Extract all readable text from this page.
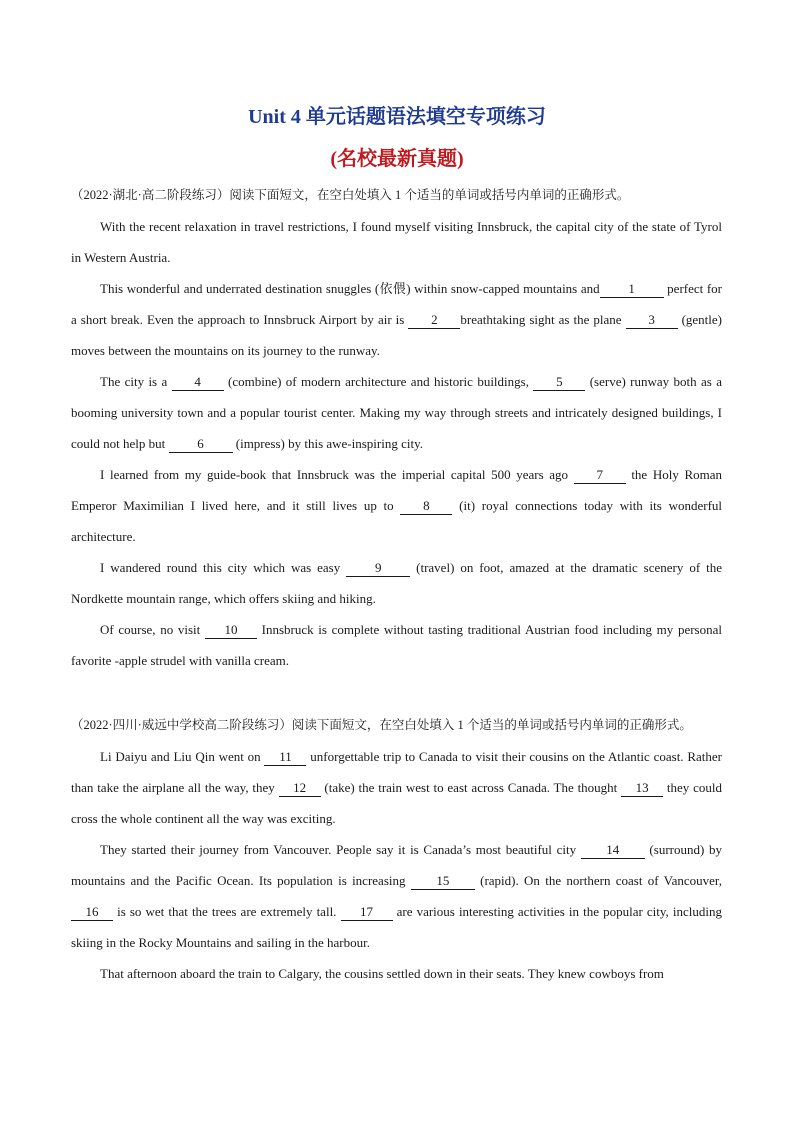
Unit 4 单元话题语法填空专项练习
(名校最新真题)

（2022·湖北·高二阶段练习）阅读下面短文，在空白处填入 1 个适当的单词或括号内单词的正确形式。

With the recent relaxation in travel restrictions, I found myself visiting Innsbruck, the capital city of the state of Tyrol in Western Austria.

This wonderful and underrated destination snuggles (依偎) within snow-capped mountains and 1 perfect for a short break. Even the approach to Innsbruck Airport by air is 2 breathtaking sight as the plane 3 (gentle) moves between the mountains on its journey to the runway.

The city is a 4 (combine) of modern architecture and historic buildings, 5 (serve) runway both as a booming university town and a popular tourist center. Making my way through streets and intricately designed buildings, I could not help but 6 (impress) by this awe-inspiring city.

I learned from my guide-book that Innsbruck was the imperial capital 500 years ago 7 the Holy Roman Emperor Maximilian I lived here, and it still lives up to 8 (it) royal connections today with its wonderful architecture.

I wandered round this city which was easy 9 (travel) on foot, amazed at the dramatic scenery of the Nordkette mountain range, which offers skiing and hiking.

Of course, no visit 10 Innsbruck is complete without tasting traditional Austrian food including my personal favorite -apple strudel with vanilla cream.

（2022·四川·威远中学校高二阶段练习）阅读下面短文，在空白处填入 1 个适当的单词或括号内单词的正确形式。

Li Daiyu and Liu Qin went on 11 unforgettable trip to Canada to visit their cousins on the Atlantic coast. Rather than take the airplane all the way, they 12 (take) the train west to east across Canada. The thought 13 they could cross the whole continent all the way was exciting.

They started their journey from Vancouver. People say it is Canada’s most beautiful city 14 (surround) by mountains and the Pacific Ocean. Its population is increasing 15 (rapid). On the northern coast of Vancouver, 16 is so wet that the trees are extremely tall. 17 are various interesting activities in the popular city, including skiing in the Rocky Mountains and sailing in the harbour.

That afternoon aboard the train to Calgary, the cousins settled down in their seats. They knew cowboys from
